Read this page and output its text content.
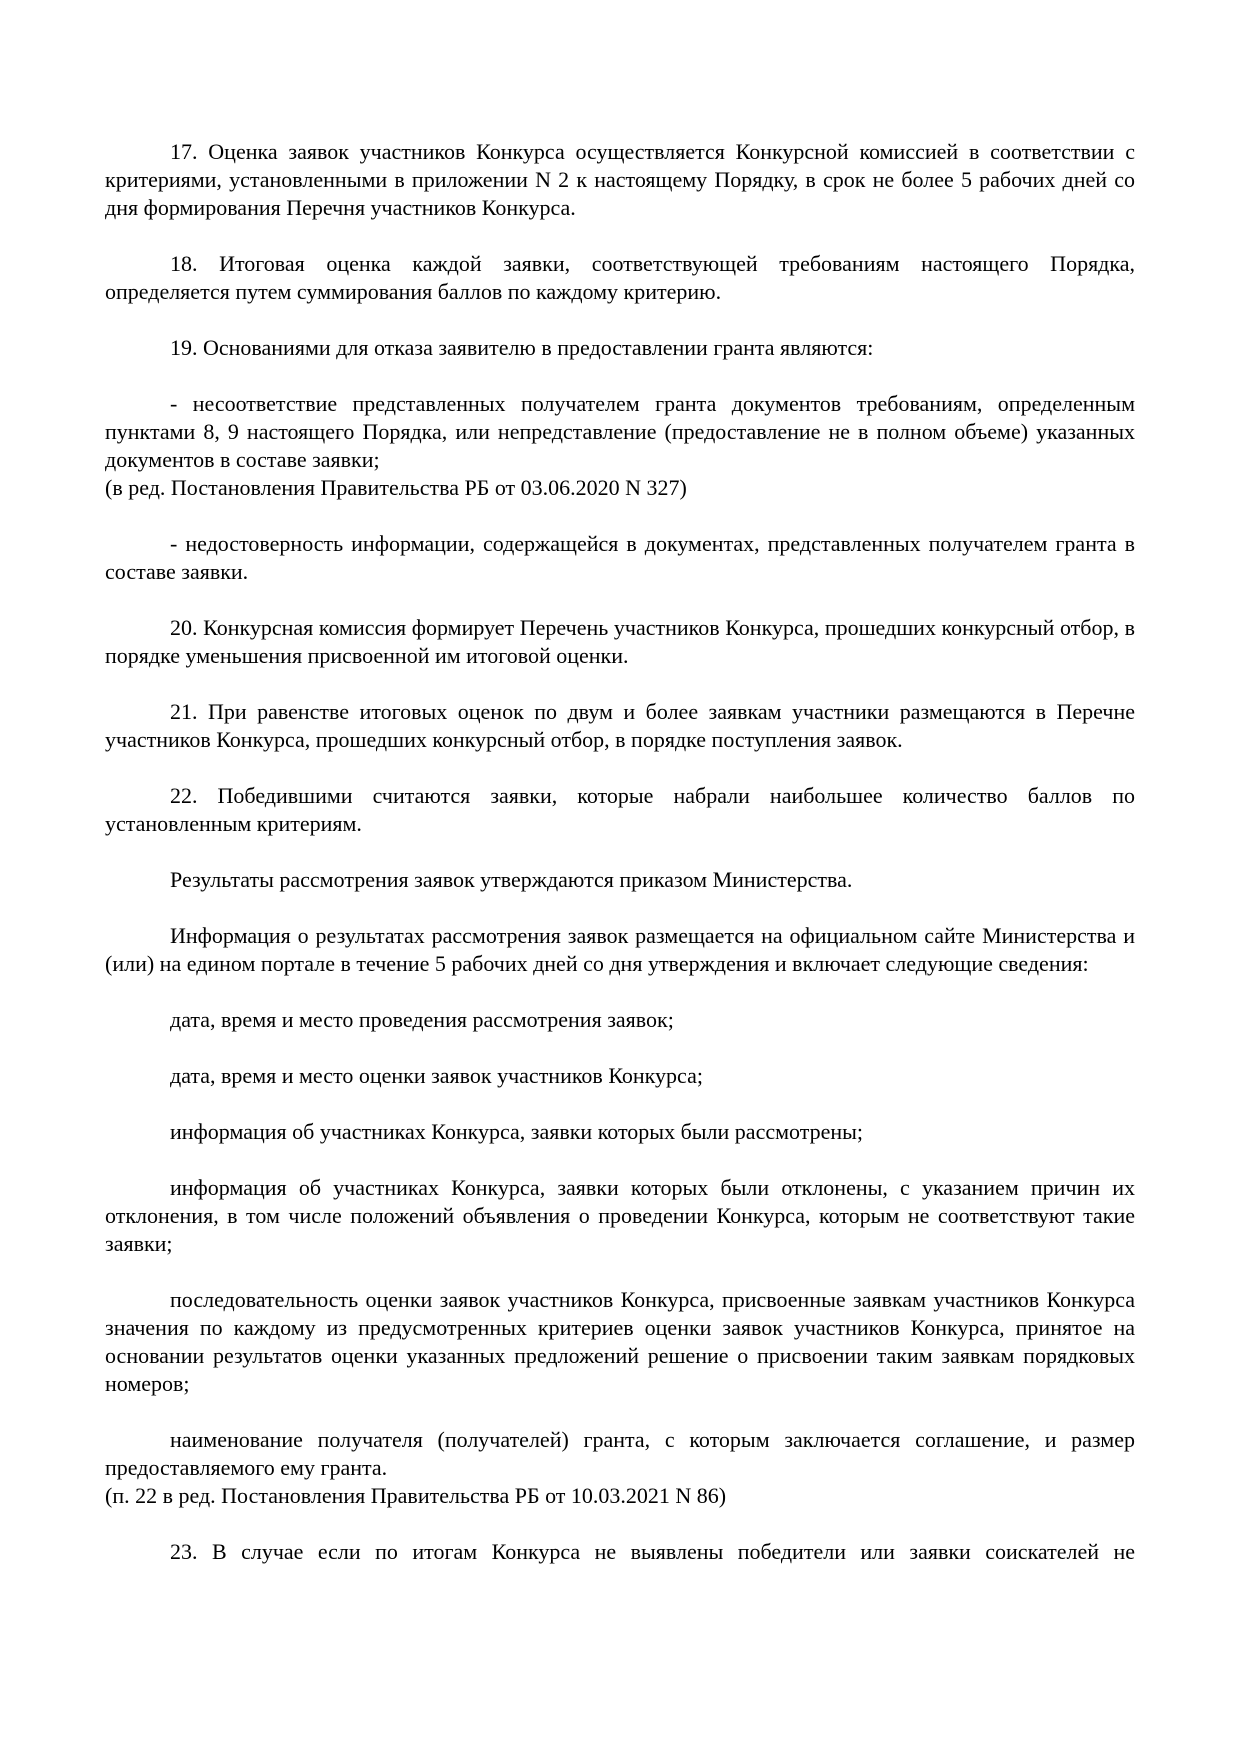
17. Оценка заявок участников Конкурса осуществляется Конкурсной комиссией в соответствии с критериями, установленными в приложении N 2 к настоящему Порядку, в срок не более 5 рабочих дней со дня формирования Перечня участников Конкурса.

18. Итоговая оценка каждой заявки, соответствующей требованиям настоящего Порядка, определяется путем суммирования баллов по каждому критерию.

19. Основаниями для отказа заявителю в предоставлении гранта являются:

- несоответствие представленных получателем гранта документов требованиям, определенным пунктами 8, 9 настоящего Порядка, или непредставление (предоставление не в полном объеме) указанных документов в составе заявки;

(в ред. Постановления Правительства РБ от 03.06.2020 N 327)

- недостоверность информации, содержащейся в документах, представленных получателем гранта в составе заявки.

20. Конкурсная комиссия формирует Перечень участников Конкурса, прошедших конкурсный отбор, в порядке уменьшения присвоенной им итоговой оценки.

21. При равенстве итоговых оценок по двум и более заявкам участники размещаются в Перечне участников Конкурса, прошедших конкурсный отбор, в порядке поступления заявок.

22. Победившими считаются заявки, которые набрали наибольшее количество баллов по установленным критериям.

Результаты рассмотрения заявок утверждаются приказом Министерства.

Информация о результатах рассмотрения заявок размещается на официальном сайте Министерства и (или) на едином портале в течение 5 рабочих дней со дня утверждения и включает следующие сведения:

дата, время и место проведения рассмотрения заявок;

дата, время и место оценки заявок участников Конкурса;

информация об участниках Конкурса, заявки которых были рассмотрены;

информация об участниках Конкурса, заявки которых были отклонены, с указанием причин их отклонения, в том числе положений объявления о проведении Конкурса, которым не соответствуют такие заявки;

последовательность оценки заявок участников Конкурса, присвоенные заявкам участников Конкурса значения по каждому из предусмотренных критериев оценки заявок участников Конкурса, принятое на основании результатов оценки указанных предложений решение о присвоении таким заявкам порядковых номеров;

наименование получателя (получателей) гранта, с которым заключается соглашение, и размер предоставляемого ему гранта.

(п. 22 в ред. Постановления Правительства РБ от 10.03.2021 N 86)

23. В случае если по итогам Конкурса не выявлены победители или заявки соискателей не
